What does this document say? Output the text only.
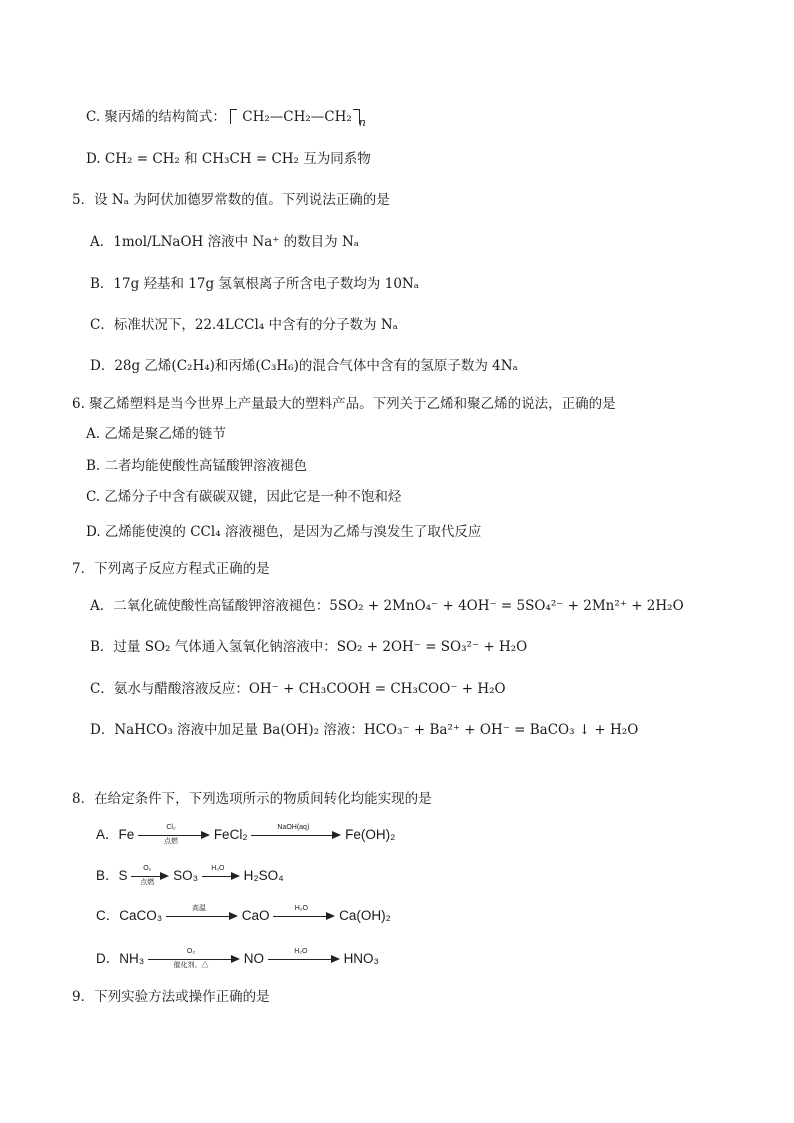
C. 聚丙烯的结构简式： CH₂—CH₂—CH₂ n
D. CH₂ = CH₂ 和 CH₃CH = CH₂ 互为同系物
5．设 Nₐ 为阿伏加德罗常数的值。下列说法正确的是
A．1mol/LNaOH 溶液中 Na⁺ 的数目为 Nₐ
B．17g 羟基和 17g 氢氧根离子所含电子数均为 10Nₐ
C．标准状况下，22.4LCCl₄ 中含有的分子数为 Nₐ
D．28g 乙烯(C₂H₄)和丙烯(C₃H₆)的混合气体中含有的氢原子数为 4Nₐ
6. 聚乙烯塑料是当今世界上产量最大的塑料产品。下列关于乙烯和聚乙烯的说法，正确的是
A. 乙烯是聚乙烯的链节
B. 二者均能使酸性高锰酸钾溶液褪色
C. 乙烯分子中含有碳碳双键，因此它是一种不饱和烃
D. 乙烯能使溴的 CCl₄ 溶液褪色，是因为乙烯与溴发生了取代反应
7．下列离子反应方程式正确的是
A．二氧化硫使酸性高锰酸钾溶液褪色：5SO₂ + 2MnO₄⁻ + 4OH⁻ = 5SO₄²⁻ + 2Mn²⁺ + 2H₂O
B．过量 SO₂ 气体通入氢氧化钠溶液中：SO₂ + 2OH⁻ = SO₃²⁻ + H₂O
C．氨水与醋酸溶液反应：OH⁻ + CH₃COOH = CH₃COO⁻ + H₂O
D．NaHCO₃ 溶液中加足量 Ba(OH)₂ 溶液：HCO₃⁻ + Ba²⁺ + OH⁻ = BaCO₃ ↓ + H₂O
8．在给定条件下，下列选项所示的物质间转化均能实现的是
A．Fe	Cl₂
点燃	FeCl₂	NaOH(aq)	Fe(OH)₂
B．S	O₂
点燃	SO₃	H₂O	H₂SO₄
C．CaCO₃	高温	CaO	H₂O	Ca(OH)₂
D．NH₃	O₂
催化剂、△	NO	H₂O	HNO₃
9．下列实验方法或操作正确的是
